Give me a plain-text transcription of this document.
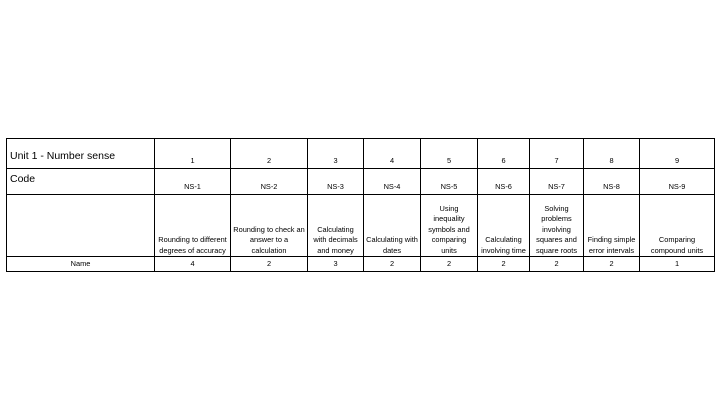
Unit 1 - Number sense	1	2	3	4	5	6	7	8	9
Code	NS-1	NS-2	NS-3	NS-4	NS-5	NS-6	NS-7	NS-8	NS-9
	Rounding to different degrees of accuracy	Rounding to check an answer to a calculation	Calculating with decimals and money	Calculating with dates	Using inequality symbols and comparing units	Calculating involving time	Solving problems involving squares and square roots	Finding simple error intervals	Comparing compound units
Name	4	2	3	2	2	2	2	2	1
